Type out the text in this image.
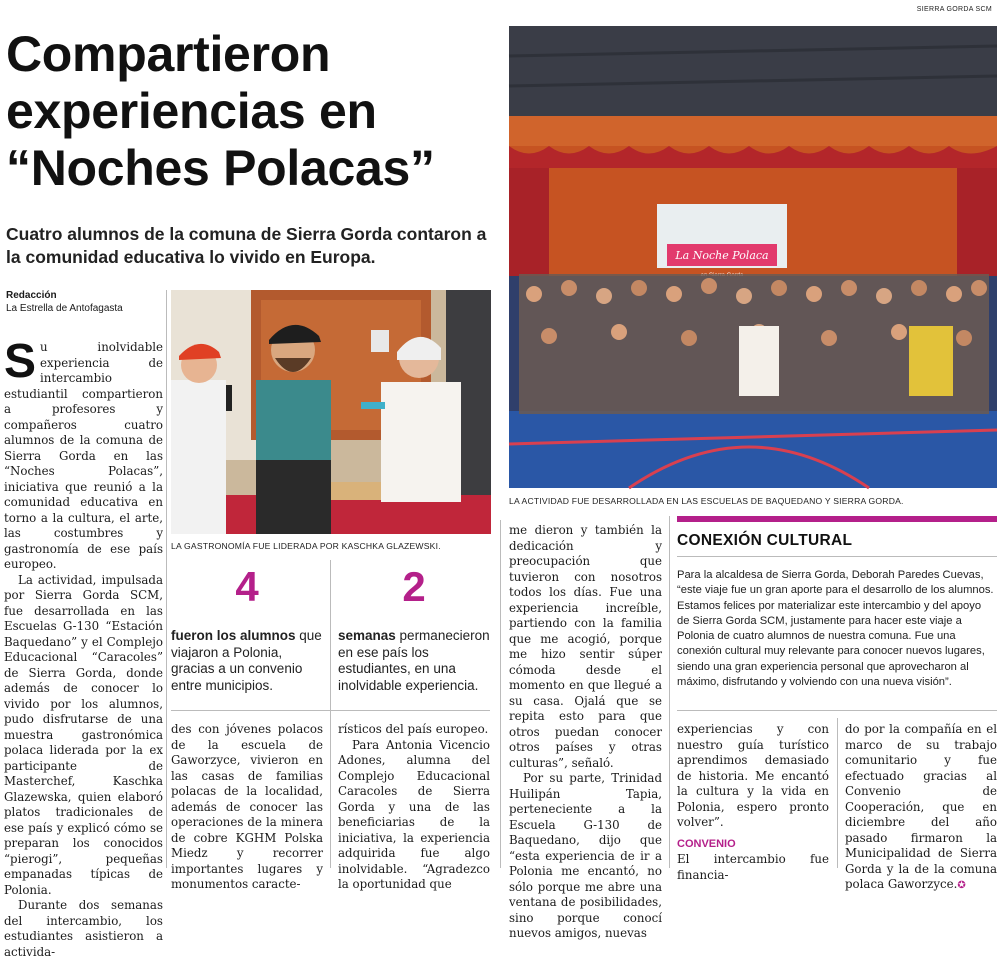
SIERRA GORDA SCM
Compartieron
experiencias en
“Noches Polacas”

Cuatro alumnos de la comuna de Sierra Gorda contaron a la comunidad educativa lo vivido en Europa.

Redacción
La Estrella de Antofagasta

Su inolvidable experiencia de intercambio estudiantil compartieron a profesores y compañeros cuatro alumnos de la comuna de Sierra Gorda en las “Noches Polacas”, iniciativa que reunió a la comunidad educativa en torno a la cultura, el arte, las costumbres y gastronomía de ese país europeo.

La actividad, impulsada por Sierra Gorda SCM, fue desarrollada en las Escuelas G-130 “Estación Baquedano” y el Complejo Educacional “Caracoles” de Sierra Gorda, donde además de conocer lo vivido por los alumnos, pudo disfrutarse de una muestra gastronómica polaca liderada por la ex participante de Masterchef, Kaschka Glazewska, quien elaboró platos tradicionales de ese país y explicó cómo se preparan los conocidos “pierogi”, pequeñas empanadas típicas de Polonia.

Durante dos semanas del intercambio, los estudiantes asistieron a activida-

LA GASTRONOMÍA FUE LIDERADA POR KASCHKA GLAZEWSKI.
La Noche Polaca
LA ACTIVIDAD FUE DESARROLLADA EN LAS ESCUELAS DE BAQUEDANO Y SIERRA GORDA.
4
fueron los alumnos que viajaron a Polonia, gracias a un convenio entre municipios.
2
semanas permanecieron en ese país los estudiantes, en una inolvidable experiencia.

des con jóvenes polacos de la escuela de Gaworzyce, vivieron en las casas de familias polacas de la localidad, además de conocer las operaciones de la minera de cobre KGHM Polska Miedz y recorrer importantes lugares y monumentos caracte-

rísticos del país europeo.

Para Antonia Vicencio Adones, alumna del Complejo Educacional Caracoles de Sierra Gorda y una de las beneficiarias de la iniciativa, la experiencia adquirida fue algo inolvidable. “Agradezco la oportunidad que

me dieron y también la dedicación y preocupación que tuvieron con nosotros todos los días. Fue una experiencia increíble, partiendo con la familia que me acogió, porque me hizo sentir súper cómoda desde el momento en que llegué a su casa. Ojalá que se repita esto para que otros puedan conocer otros países y otras culturas”, señaló.

Por su parte, Trinidad Huilipán Tapia, perteneciente a la Escuela G-130 de Baquedano, dijo que “esta experiencia de ir a Polonia me encantó, no sólo porque me abre una ventana de posibilidades, sino porque conocí nuevos amigos, nuevas

CONEXIÓN CULTURAL
Para la alcaldesa de Sierra Gorda, Deborah Paredes Cuevas, “este viaje fue un gran aporte para el desarrollo de los alumnos. Estamos felices por materializar este intercambio y del apoyo de Sierra Gorda SCM, justamente para hacer este viaje a Polonia de cuatro alumnos de nuestra comuna. Fue una conexión cultural muy relevante para conocer nuevos lugares, siendo una gran experiencia personal que aprovecharon al máximo, disfrutando y volviendo con una nueva visión”.

experiencias y con nuestro guía turístico aprendimos demasiado de historia. Me encantó la cultura y la vida en Polonia, espero pronto volver”.

CONVENIO

El intercambio fue financia-

do por la compañía en el marco de su trabajo comunitario y fue efectuado gracias al Convenio de Cooperación, que en diciembre del año pasado firmaron la Municipalidad de Sierra Gorda y la de la comuna polaca Gaworzyce.✪
